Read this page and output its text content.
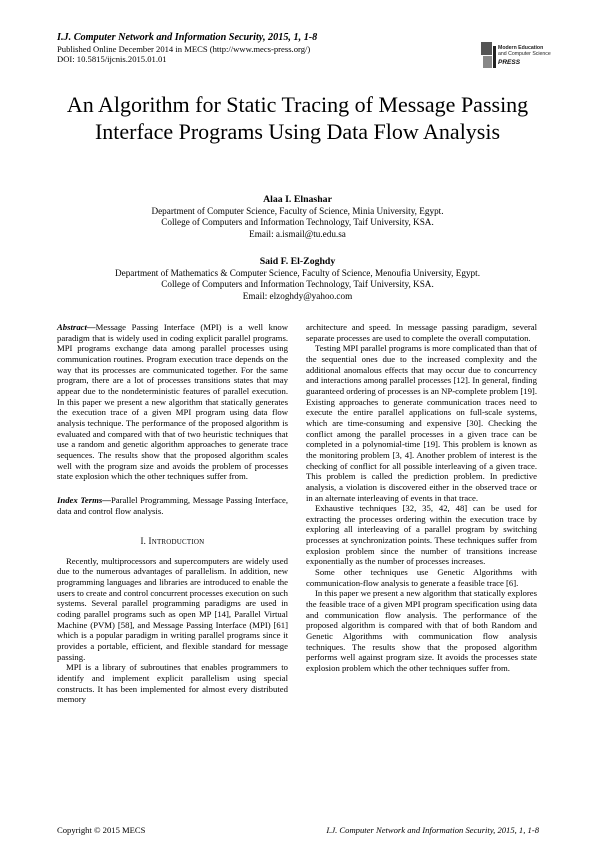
I.J. Computer Network and Information Security, 2015, 1, 1-8
Published Online December 2014 in MECS (http://www.mecs-press.org/)
DOI: 10.5815/ijcnis.2015.01.01
Modern Education
and Computer Science
PRESS
An Algorithm for Static Tracing of Message Passing Interface Programs Using Data Flow Analysis
Alaa I. Elnashar
Department of Computer Science, Faculty of Science, Minia University, Egypt.
College of Computers and Information Technology, Taif University, KSA.
Email: a.ismail@tu.edu.sa
Said F. El-Zoghdy
Department of Mathematics & Computer Science, Faculty of Science, Menoufia University, Egypt.
College of Computers and Information Technology, Taif University, KSA.
Email: elzoghdy@yahoo.com

Abstract—Message Passing Interface (MPI) is a well know paradigm that is widely used in coding explicit parallel programs. MPI programs exchange data among parallel processes using communication routines. Program execution trace depends on the way that its processes are communicated together. For the same program, there are a lot of processes transitions states that may appear due to the nondeterministic features of parallel execution. In this paper we present a new algorithm that statically generates the execution trace of a given MPI program using data flow analysis technique. The performance of the proposed algorithm is evaluated and compared with that of two heuristic techniques that use a random and genetic algorithm approaches to generate trace sequences. The results show that the proposed algorithm scales well with the program size and avoids the problem of processes state explosion which the other techniques suffer from.

Index Terms—Parallel Programming, Message Passing Interface, data and control flow analysis.

I. INTRODUCTION

Recently, multiprocessors and supercomputers are widely used due to the numerous advantages of parallelism. In addition, new programming languages and libraries are introduced to enable the users to create and control concurrent processes execution on such systems. Several parallel programming paradigms are used in coding parallel programs such as open MP [14], Parallel Virtual Machine (PVM) [58], and Message Passing Interface (MPI) [61] which is a popular paradigm in writing parallel programs since it provides a portable, efficient, and flexible standard for message passing.

MPI is a library of subroutines that enables programmers to identify and implement explicit parallelism using special constructs. It has been implemented for almost every distributed memory

architecture and speed. In message passing paradigm, several separate processes are used to complete the overall computation.

Testing MPI parallel programs is more complicated than that of the sequential ones due to the increased complexity and the additional anomalous effects that may occur due to concurrency and interactions among parallel processes [12]. In general, finding guaranteed ordering of processes is an NP-complete problem [19]. Existing approaches to generate communication traces need to execute the entire parallel applications on full-scale systems, which are time-consuming and expensive [30]. Checking the conflict among the parallel processes in a given trace can be completed in a polynomial-time [19]. This problem is known as the monitoring problem [3, 4]. Another problem of interest is the checking of conflict for all possible interleaving of a given trace. This problem is called the prediction problem. In predictive analysis, a violation is discovered either in the observed trace or in an alternate interleaving of events in that trace.

Exhaustive techniques [32, 35, 42, 48] can be used for extracting the processes ordering within the execution trace by exploring all interleaving of a parallel program by switching processes at synchronization points. These techniques suffer from explosion problem since the number of transitions increase exponentially as the number of processes increases.

Some other techniques use Genetic Algorithms with communication-flow analysis to generate a feasible trace [6].

In this paper we present a new algorithm that statically explores the feasible trace of a given MPI program specification using data and communication flow analysis. The performance of the proposed algorithm is compared with that of both Random and Genetic Algorithms with communication flow analysis techniques. The results show that the proposed algorithm performs well against program size. It avoids the processes state explosion problem which the other techniques suffer from.

Copyright © 2015 MECS	I.J. Computer Network and Information Security, 2015, 1, 1-8
